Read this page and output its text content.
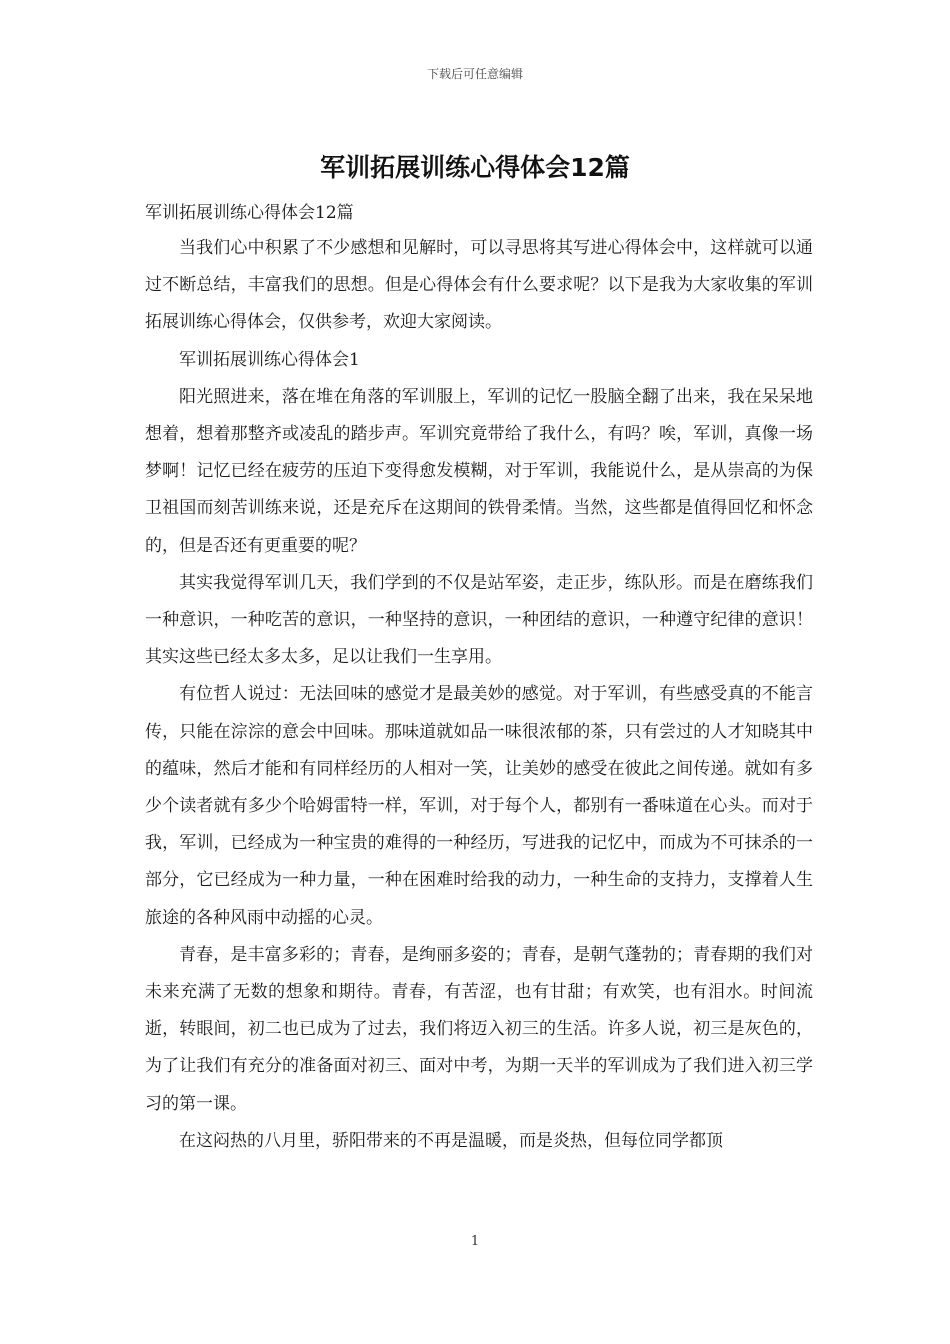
下载后可任意编辑
军训拓展训练心得体会12篇

军训拓展训练心得体会12篇

当我们心中积累了不少感想和见解时，可以寻思将其写进心得体会中，这样就可以通过不断总结，丰富我们的思想。但是心得体会有什么要求呢？以下是我为大家收集的军训拓展训练心得体会，仅供参考，欢迎大家阅读。

军训拓展训练心得体会1

阳光照进来，落在堆在角落的军训服上，军训的记忆一股脑全翻了出来，我在呆呆地想着，想着那整齐或凌乱的踏步声。军训究竟带给了我什么，有吗？唉，军训，真像一场梦啊！记忆已经在疲劳的压迫下变得愈发模糊，对于军训，我能说什么，是从崇高的为保卫祖国而刻苦训练来说，还是充斥在这期间的铁骨柔情。当然，这些都是值得回忆和怀念的，但是否还有更重要的呢？

其实我觉得军训几天，我们学到的不仅是站军姿，走正步，练队形。而是在磨练我们一种意识，一种吃苦的意识，一种坚持的意识，一种团结的意识，一种遵守纪律的意识！其实这些已经太多太多，足以让我们一生享用。

有位哲人说过：无法回味的感觉才是最美妙的感觉。对于军训，有些感受真的不能言传，只能在淙淙的意会中回味。那味道就如品一味很浓郁的茶，只有尝过的人才知晓其中的蕴味，然后才能和有同样经历的人相对一笑，让美妙的感受在彼此之间传递。就如有多少个读者就有多少个哈姆雷特一样，军训，对于每个人，都别有一番味道在心头。而对于我，军训，已经成为一种宝贵的难得的一种经历，写进我的记忆中，而成为不可抹杀的一部分，它已经成为一种力量，一种在困难时给我的动力，一种生命的支持力，支撑着人生旅途的各种风雨中动摇的心灵。

青春，是丰富多彩的；青春，是绚丽多姿的；青春，是朝气蓬勃的；青春期的我们对未来充满了无数的想象和期待。青春，有苦涩，也有甘甜；有欢笑，也有泪水。时间流逝，转眼间，初二也已成为了过去，我们将迈入初三的生活。许多人说，初三是灰色的，为了让我们有充分的准备面对初三、面对中考，为期一天半的军训成为了我们进入初三学习的第一课。

在这闷热的八月里，骄阳带来的不再是温暖，而是炎热，但每位同学都顶

1
